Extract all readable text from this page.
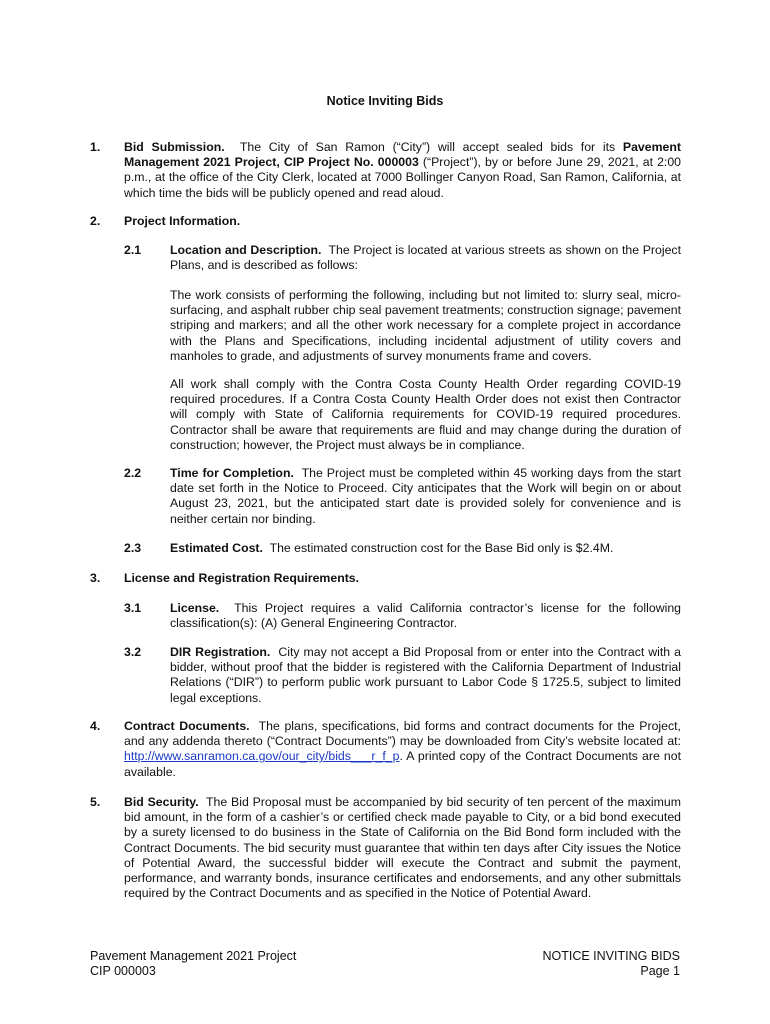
Notice Inviting Bids
1. Bid Submission. The City of San Ramon (“City”) will accept sealed bids for its Pavement Management 2021 Project, CIP Project No. 000003 (“Project”), by or before June 29, 2021, at 2:00 p.m., at the office of the City Clerk, located at 7000 Bollinger Canyon Road, San Ramon, California, at which time the bids will be publicly opened and read aloud.
2. Project Information.
2.1 Location and Description. The Project is located at various streets as shown on the Project Plans, and is described as follows:
The work consists of performing the following, including but not limited to: slurry seal, micro-surfacing, and asphalt rubber chip seal pavement treatments; construction signage; pavement striping and markers; and all the other work necessary for a complete project in accordance with the Plans and Specifications, including incidental adjustment of utility covers and manholes to grade, and adjustments of survey monuments frame and covers.
All work shall comply with the Contra Costa County Health Order regarding COVID-19 required procedures. If a Contra Costa County Health Order does not exist then Contractor will comply with State of California requirements for COVID-19 required procedures. Contractor shall be aware that requirements are fluid and may change during the duration of construction; however, the Project must always be in compliance.
2.2 Time for Completion. The Project must be completed within 45 working days from the start date set forth in the Notice to Proceed. City anticipates that the Work will begin on or about August 23, 2021, but the anticipated start date is provided solely for convenience and is neither certain nor binding.
2.3 Estimated Cost. The estimated construction cost for the Base Bid only is $2.4M.
3. License and Registration Requirements.
3.1 License. This Project requires a valid California contractor’s license for the following classification(s): (A) General Engineering Contractor.
3.2 DIR Registration. City may not accept a Bid Proposal from or enter into the Contract with a bidder, without proof that the bidder is registered with the California Department of Industrial Relations (“DIR”) to perform public work pursuant to Labor Code § 1725.5, subject to limited legal exceptions.
4. Contract Documents. The plans, specifications, bid forms and contract documents for the Project, and any addenda thereto (“Contract Documents”) may be downloaded from City’s website located at: http://www.sanramon.ca.gov/our_city/bids___r_f_p. A printed copy of the Contract Documents are not available.
5. Bid Security. The Bid Proposal must be accompanied by bid security of ten percent of the maximum bid amount, in the form of a cashier’s or certified check made payable to City, or a bid bond executed by a surety licensed to do business in the State of California on the Bid Bond form included with the Contract Documents. The bid security must guarantee that within ten days after City issues the Notice of Potential Award, the successful bidder will execute the Contract and submit the payment, performance, and warranty bonds, insurance certificates and endorsements, and any other submittals required by the Contract Documents and as specified in the Notice of Potential Award.
Pavement Management 2021 Project
CIP 000003
NOTICE INVITING BIDS
Page 1
